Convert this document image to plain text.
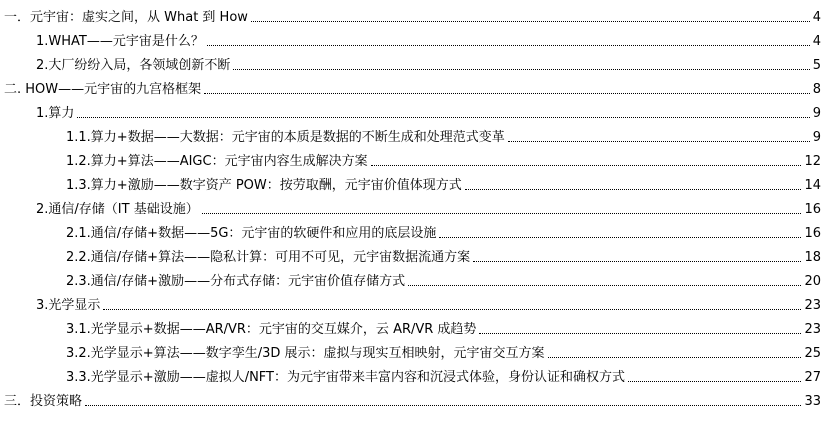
一．元宇宙：虚实之间，从 What 到 How	4
1.WHAT——元宇宙是什么？	4
2.大厂纷纷入局，各领域创新不断	5
二. HOW——元宇宙的九宫格框架	8
1.算力	9
1.1.算力+数据——大数据：元宇宙的本质是数据的不断生成和处理范式变革	9
1.2.算力+算法——AIGC：元宇宙内容生成解决方案	12
1.3.算力+激励——数字资产 POW：按劳取酬，元宇宙价值体现方式	14
2.通信/存储（IT 基础设施）	16
2.1.通信/存储+数据——5G：元宇宙的软硬件和应用的底层设施	16
2.2.通信/存储+算法——隐私计算：可用不可见，元宇宙数据流通方案	18
2.3.通信/存储+激励——分布式存储：元宇宙价值存储方式	20
3.光学显示	23
3.1.光学显示+数据——AR/VR：元宇宙的交互媒介，云 AR/VR 成趋势	23
3.2.光学显示+算法——数字孪生/3D 展示：虚拟与现实互相映射，元宇宙交互方案	25
3.3.光学显示+激励——虚拟人/NFT：为元宇宙带来丰富内容和沉浸式体验，身份认证和确权方式	27
三．投资策略	33
